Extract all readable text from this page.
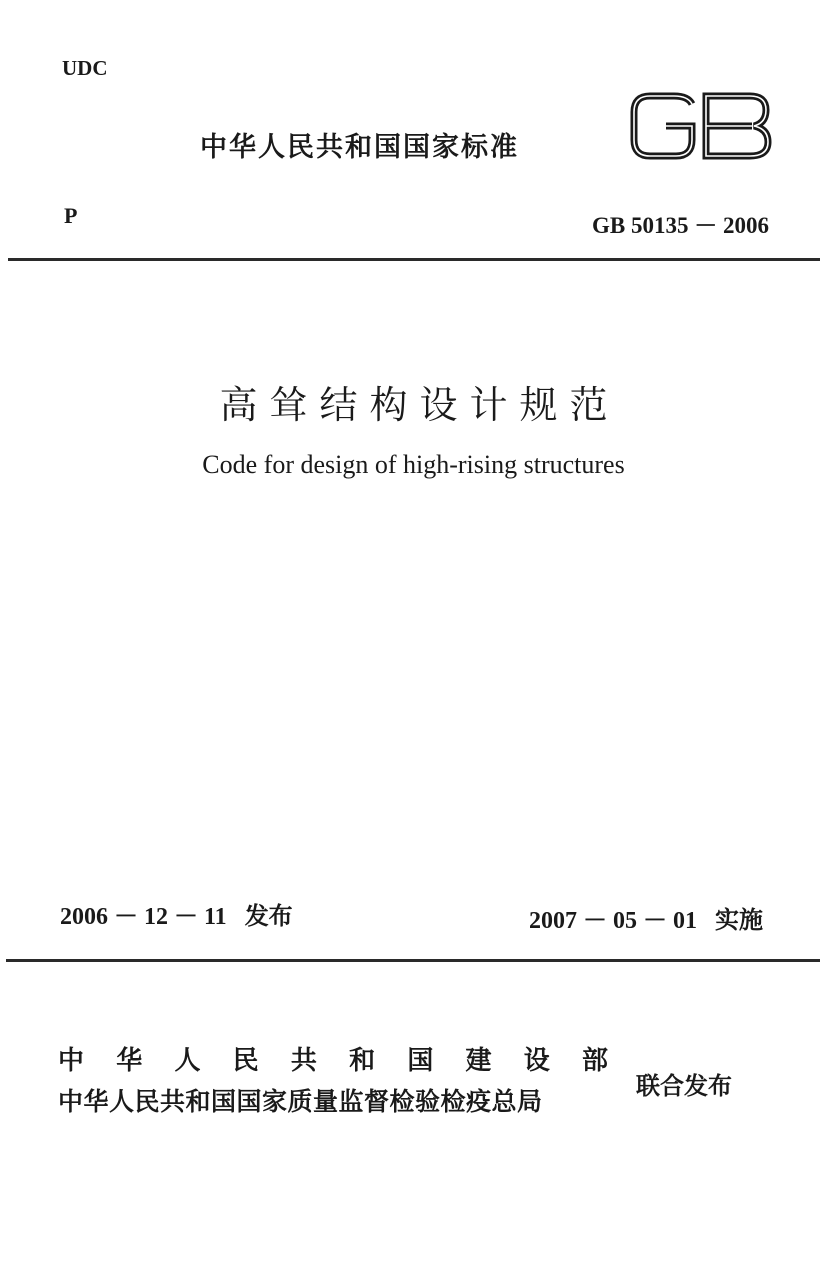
UDC
中华人民共和国国家标准
P	GB 50135 － 2006
高耸结构设计规范
Code for design of high-rising structures
2006 － 12 － 11 发布	2007 － 05 － 01 实施
中 华 人 民 共 和 国 建 设 部
中华人民共和国国家质量监督检验检疫总局
联合发布
